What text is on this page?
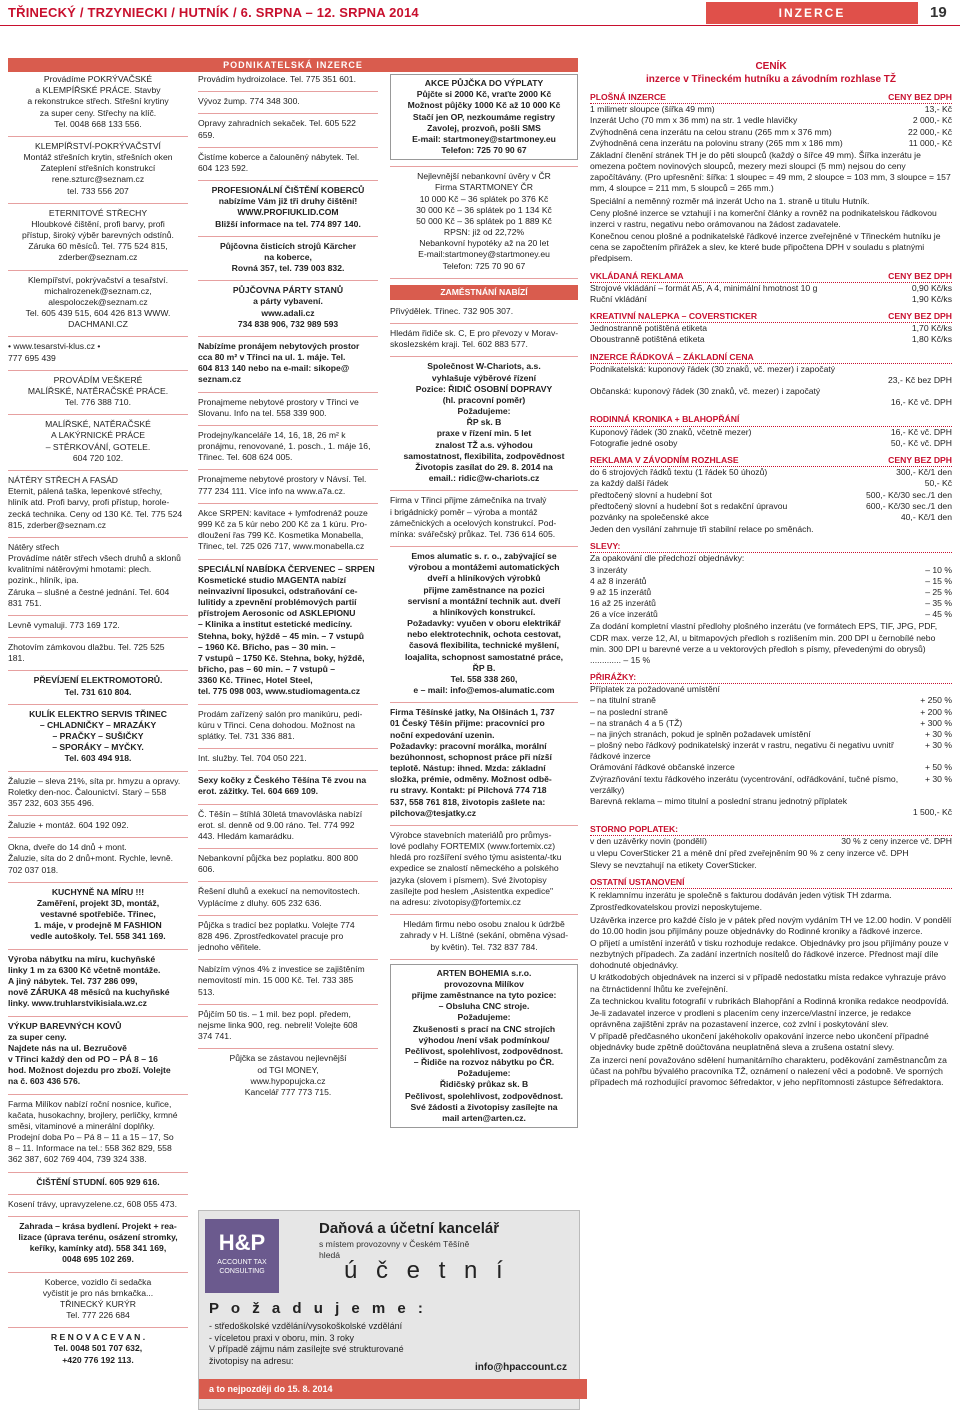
TŘINECKÝ / TRZYNIECKI / HUTNÍK / 6. SRPNA – 12. SRPNA 2014	INZERCE	19
PODNIKATELSKÁ INZERCE
Provádíme POKRÝVAČSKÉ
a KLEMPÍŘSKÉ PRÁCE. Stavby
a rekonstrukce střech. Střešní krytiny
za super ceny. Střechy na klíč.
Tel. 0048 668 133 556.
KLEMPÍŘSTVÍ-POKRÝVAČSTVÍ
Montáž střešních krytin, střešních oken
Zateplení střešních konstrukcí
rene.szturc@seznam.cz
tel. 733 556 207
ETERNITOVÉ STŘECHY
Hloubkové čištění, profi barvy, profi
přístup, široký výběr barevných odstínů.
Záruka 60 měsíců. Tel. 775 524 815,
zderber@seznam.cz
Klempířství, pokrývačství a tesařství.
michalrozenek@seznam.cz,
alespoloczek@seznam.cz
Tel. 605 439 515, 604 426 813 WWW.
DACHMANI.CZ
• www.tesarstvi-klus.cz •
777 695 439
PROVÁDÍM VEŠKERÉ
MALÍŘSKÉ, NATĚRAČSKÉ PRÁCE.
Tel. 776 388 710.
MALÍŘSKÉ, NATĚRAČSKÉ
A LAKÝRNICKÉ PRÁCE
– STĚRKOVÁNÍ, GOTELE.
604 720 102.
NÁTĚRY STŘECH A FASÁD
Eternit, pálená taška, lepenkové střechy,
hliník atd. Profi barvy, profi přístup, horole-
zecká technika. Ceny od 130 Kč. Tel. 775 524
815, zderber@seznam.cz
Nátěry střech
Provádíme nátěr střech všech druhů a sklonů
kvalitními nátěrovými hmotami: plech.
pozink., hliník, ipa.
Záruka – slušné a čestné jednání. Tel. 604
831 751.
Levně vymaluji. 773 169 172.
Zhotovím zámkovou dlažbu. Tel. 725 525
181.
PŘEVÍJENÍ ELEKTROMOTORŮ.
Tel. 731 610 804.
KULÍK ELEKTRO SERVIS TŘINEC
– CHLADNIČKY – MRAZÁKY
– PRAČKY – SUŠIČKY
– SPORÁKY – MYČKY.
Tel. 603 494 918.
Žaluzie – sleva 21%, síta pr. hmyzu a opravy.
Roletky den-noc. Čalounictví. Starý – 558
357 232, 603 355 496.
Žaluzie + montáž. 604 192 092.
Okna, dveře do 14 dnů + mont.
Žaluzie, sítа do 2 dnů+mont. Rychle, levně.
702 037 018.
KUCHYNĚ NA MÍRU !!!
Zaměření, projekt 3D, montáž,
vestavné spotřebiče. Třinec,
1. máje, v prodejně M FASHION
vedle autoškoly. Tel. 558 341 169.
Výroba nábytku na míru, kuchyňské
linky 1 m za 6300 Kč včetně montáže.
A jiný nábytek. Tel. 737 286 099,
nově ZÁRUKA 48 měsíců na kuchyňské
linky. www.truhlarstvikisiala.wz.cz
VÝKUP BAREVNÝCH KOVŮ
za super ceny.
Najdete nás na ul. Bezručově
v Třinci každý den od PO – PÁ 8 – 16
hod. Možnost dojezdu pro zboží. Volejte
na č. 603 436 576.
Farma Milíkov nabízí roční nosnice, kuřice,
kačata, husokachny, brojlery, perličky, krmné
směsi, vitaminové a minerální doplňky.
Prodejní doba Po – Pá 8 – 11 a 15 – 17, So
8 – 11. Informace na tel.: 558 362 829, 558
362 387, 602 769 404, 739 324 338.
ČIŠTĚNÍ STUDNÍ. 605 929 616.
Kosení trávy, upravyzelene.cz, 608 055 473.
Zahrada – krása bydlení. Projekt + rea-
lizace (úprava terénu, osázení stromky,
keříky, kamínky atd). 558 341 169,
0048 695 102 269.
Kobercе, vozidlo či sedačka
vyčistit je pro nás brnkačka...
TŘINECKÝ KURÝR
Tel. 777 226 684
R E N O V A C E V A N .
Tel. 0048 501 707 632,
+420 776 192 113.
Provádím hydroizolace. Tel. 775 351 601.
Vývoz žump. 774 348 300.
Opravy zahradních sekaček. Tel. 605 522
659.
Čistíme koberce a čalouněný nábytek. Tel.
604 123 592.
PROFESIONÁLNÍ ČIŠTĚNÍ KOBERCŮ
nabízíme Vám již tři druhy čištění!
WWW.PROFIUKLID.COM
Bližší informace na tel. 774 897 140.
Půjčovna čisticích strojů Kärcher
na koberce,
Rovná 357, tel. 739 003 832.
PŮJČOVNA PÁRTY STANŮ
a párty vybavení.
www.adali.cz
734 838 906, 732 989 593
Nabízíme pronájem nebytových prostor
cca 80 m² v Třinci na ul. 1. máje. Tel.
604 813 140 nebo na e-mail: sikope@
seznam.cz
Pronajmeme nebytové prostory v Třinci ve
Slovanu. Info na tel. 558 339 900.
Prodejny/kanceláře 14, 16, 18, 26 m² k
pronájmu, renovované, 1. posch., 1. máje 16,
Třinec. Tel. 608 624 005.
Pronajmeme nebytové prostory v Návsí. Tel.
777 234 111. Více info na www.a7a.cz.
Akce SRPEN: kavitace + lymfodrenáž pouze
999 Kč za 5 kúr nebo 200 Kč za 1 kúru. Pro-
dloužení řas 799 Kč. Kosmetika Monabella,
Třinec, tel. 725 026 717, www.monabella.cz
SPECIÁLNÍ NABÍDKA ČERVENEC – SRPEN
Kosmetické studio MAGENTA nabízí
neinvazivní liposukci, odstraňování ce-
lulitidy a zpevnění problémových partií
přístrojem Aerosonic od ASKLEPIONU
– Klinika a institut estetické medicíny.
Stehna, boky, hýždě – 45 min. – 7 vstupů
– 1960 Kč. Břicho, pas – 30 min. –
7 vstupů – 1750 Kč. Stehna, boky, hýždě,
břicho, pas – 60 min. – 7 vstupů –
3360 Kč. Třinec, Hotel Steel,
tel. 775 098 003, www.studiomagenta.cz
Prodám zařízený salón pro manikúru, pedi-
kúru v Třinci. Cena dohodou. Možnost na
splátky. Tel. 731 336 881.
Int. služby. Tel. 704 050 221.
Sexy kočky z Českého Těšína Tě zvou na
erot. záž​itky. Tel. 604 669 109.
Č. Těšín – štíhlá 30letá tmavovláska nabízí
erot. sl. denně od 9.00 ráno. Tel. 774 992
443. Hledám kamarádku.
Nebankovní půjčka bez poplatku. 800 800
606.
Řešení dluhů a exekucí na nemovitostech.
Vyplácíme z dluhy. 605 232 636.
Půjčka s tradicí bez poplatku. Volejte 774
828 496. Zprostředkovatel pracuje pro
jednoho věřitele.
Nabízím výnos 4% z investice se zajištěním
nemovitostí min. 15 000 Kč. Tel. 733 385
513.
Půjčím 50 tis. – 1 mil. bez popl. předem,
nejsme linka 900, reg. nebreli! Volejte 608
374 741.
Půjčka se zástavou nejlevnější
od TGI MONEY,
www.hypopujcka.cz
Kancelář 777 773 715.
AKCE PŮJČKA DO VÝPLATY
Půjčte si 2000 Kč, vraťte 2000 Kč
Možnost půjčky 1000 Kč až 10 000 Kč
Stačí jen OP, nezkoumáme registry
Zavolej, prozvoň, pošli SMS
E-mail: startmoney@startmoney.eu
Telefon: 725 70 90 67
Nejlevnější nebankovní úvěry v ČR
Firma STARTMONEY ČR
10 000 Kč – 36 splátek po 376 Kč
30 000 Kč – 36 splátek po 1 134 Kč
50 000 Kč – 36 splátek po 1 889 Kč
RPSN: již od 22,72%
Nebankovní hypotéky až na 20 let
E-mail:startmoney@startmoney.eu
Telefon: 725 70 90 67
ZAMĚSTNÁNÍ NABÍZÍ
Přivýdělek. Třinec. 732 905 307.
Hledám řidiče sk. C, E pro převozy v Morav-
skoslezském kraji. Tel. 602 883 577.
Společnost W-Chariots, a.s.
vyhlašuje výběrové řízení
Pozice: ŘIDIČ OSOBNÍ DOPRAVY
(hl. pracovní poměr)
Požadujeme:
ŘP sk. B
praxe v řízení min. 5 let
znalost TŽ a.s. výhodou
samostatnost, flexibilita, zodpovědnost
Životopis zasílat do 29. 8. 2014 na
email.: ridic@w-chariots.cz
Firma v Třinci přijme zámečníka na trvalý
i brigádnický poměr – výroba a montáž
zámečnických a ocelových konstrukcí. Pod-
mínka: svářečský průkaz. Tel. 736 614 605.
Emos alumatic s. r. o., zabývající se
výrobou a montážemi automatických
dveří a hliníkových výrobků
přijme zaměstnance na pozici
servisní a montážní technik aut. dveří
a hliníkových konstrukcí.
Požadavky: vyučen v oboru elektrikář
nebo elektrotechnik, ochota cestovat,
časová flexibilita, technické myšlení,
loajalita, schopnost samostatné práce,
ŘP B.
Tel. 558 338 260,
e – mail: info@emos-alumatic.com
Firma Těšínské jatky, Na Olšinách 1, 737
01 Český Těšín přijme: pracovníci pro
noční expedování uzenin.
Požadavky: pracovní morálka, morální
bezúhonnost, schopnost práce při nízší
teplotě. Nástup: ihned. Mzda: základní
složka, prémie, odměny. Možnost odbě-
ru stravy. Kontakt: pí Pilchová 774 718
537, 558 761 818, životopis zašlete na:
pilchova@tesjatky.cz
Výrobce stavebních materiálů pro průmys-
lové podlahy FORTEMIX (www.fortemix.cz)
hledá pro rozšíření svého týmu asistenta/-tku
expedice se znalostí německého a polského
jazyka (slovem i písmem). Své životopisy
zasílejte pod heslem „Asistentka expedice"
na adresu: zivotopisy@fortemix.cz
Hledám firmu nebo osobu znalou k údržbě
zahrady v H. Líštné (sekání, obměna výsad-
by květin). Tel. 732 837 784.
ARTEN BOHEMIA s.r.o.
provozovna Milíkov
přijme zaměstnance na tyto pozice:
– Obsluha CNC strojе.
Požadujeme:
Zkušenosti s prací na CNC strojích
výhodou /není však podmínkou/
Pečlivost, spolehlivost, zodpovědnost.
– Řidiče na rozvoz nábytku po ČR.
Požadujeme:
Řidičský průkaz sk. B
Pečlivost, spolehlivost, zodpovědnost.
Své žádosti a životopisy zasílejte na
mail arten@arten.cz.
CENÍK
inzerce v Třineckém hutníku a závodním rozhlase TŽ
PLOŠNÁ INZERCE	CENY BEZ DPH
1 milimetr sloupce (šířka 49 mm)	13,- Kč
Inzerát Ucho (70 mm x 36 mm) na str. 1 vedle hlavičky	2 000,- Kč
Zvýhodněná cena inzerátu na celou stranu (265 mm x 376 mm)	22 000,- Kč
Zvýhodněná cena inzerátu na polovinu strany (265 mm x 186 mm)	11 000,- Kč
Základní členění stránek TH je do pěti sloupců (každý o šířce 49 mm). Šířka inzerátu je omezena počtem novinových sloupců, mezery mezi sloupci (5 mm) nejsou do ceny započítávány. (Pro upřesnění: šířka: 1 sloupec = 49 mm, 2 sloupce = 103 mm, 3 sloupce = 157 mm, 4 sloupce = 211 mm, 5 sloupců = 265 mm.)
Speciální a neměnný rozměr má inzerát Ucho na 1. straně u titulu Hutník.
Ceny plošné inzerce se vztahují i na komerční články a rovněž na podnikatelskou řádkovou inzerci v rastru, negativu nebo orámovanou na žádost zadavatele.
Konečnou cenou plošné a podnikatelské řádkové inzerce zveřejněné v Třineckém hutníku je cena se započtením přirážek a slev, ke které bude připočtena DPH v souladu s platnými předpisem.
VKLÁDANÁ REKLAMA	CENY BEZ DPH
Strojové vkládání – formát A5, A 4, minimální hmotnost 10 g	0,90 Kč/ks
Ruční vkládání	1,90 Kč/ks
KREATIVNÍ NALEPKA – COVERSTICKER	CENY BEZ DPH
Jednostranně potištěná etiketa	1,70 Kč/ks
Oboustranně potištěná etiketa	1,80 Kč/ks
INZERCE ŘÁDKOVÁ – ZÁKLADNÍ CENA
Podnikatelská: kuponový řádek (30 znaků, vč. mezer) i započatý
23,- Kč bez DPH
Občanská: kuponový řádek (30 znaků, vč. mezer) i započatý
16,- Kč vč. DPH
RODINNÁ KRONIKA + BLAHOPŘÁNÍ
Kuponový řádek (30 znaků, včetně mezer)	16,- Kč vč. DPH
Fotografie jedné osoby	50,- Kč vč. DPH
REKLAMA V ZÁVODNÍM ROZHLASE	CENY BEZ DPH
do 6 strojových řádků textu (1 řádek 50 úhozů)	300,- Kč/1 den
za každý další řádek	50,- Kč
předtočený slovní a hudební šot	500,- Kč/30 sec./1 den
předtočený slovní a hudební šot s redakční úpravou	600,- Kč/30 sec./1 den
pozvánky na společenské akce	40,- Kč/1 den
Jeden den vysílání zahrnuje tři stabilní relace po směnách.
SLEVY:
Za opakování dle předchozí objednávky:
3 inzeráty	– 10 %
4 až 8 inzerátů	– 15 %
9 až 15 inzerátů	– 25 %
16 až 25 inzerátů	– 35 %
26 a více inzerátů	– 45 %
Za dodání kompletní vlastní předlohy plošného inzerátu (ve formátech EPS, TIF, JPG, PDF, CDR max. verze 12, AI, u bitmapových předloh s rozlišením min. 200 DPI u černobílé nebo min. 300 DPI u barevné verze a u vektorových předloh s písmy, převedenými do obrysů) ............. – 15 %
PŘIRÁŽKY:
Příplatek za požadované umístění
– na titulní straně	+ 250 %
– na poslední straně	+ 200 %
– na stranách 4 a 5 (TŽ)	+ 300 %
– na jiných stranách, pokud je splněn požadavek umístění	+ 30 %
– plošný nebo řádkový podnikatelský inzerát v rastru, negativu či negativu uvnitř řádkové inzerce
+ 30 %
Orámování řádkové občanské inzerce	+ 50 %
Zvýrazňování textu řádkového inzerátu (vycentrování, odřádkování, tučné písmo, verzálky)
+ 30 %
Barevná reklama – mimo titulní a poslední stranu jednotný příplatek
1 500,- Kč
STORNO POPLATEK:
v den uzávěrky novin (pondělí)	30 % z ceny inzerce vč. DPH
u vlepu CoverSticker 21 a méně dní před zveřejněním 90 % z ceny inzerce vč. DPH
Slevy se nevztahují na etikety CoverSticker.
OSTATNÍ USTANOVENÍ
K reklamnímu inzerátu je společně s fakturou dodáván jeden výtisk TH zdarma.
Zprostředkovatelskou provizi neposkytujeme.
Uzávěrka inzerce pro každé číslo je v pátek před novým vydáním TH ve 12.00 hodin. V pondělí do 10.00 hodin jsou přijímány pouze objednávky do Rodinné kroniky a řádkové inzerce.
O přijetí a umístění inzerátů v tisku rozhoduje redakce. Objednávky pro jsou přijímány pouze v nezbytných případech. Za zadání inzertních nosítelů do řádkové inzerce. Přednost mají díle dohodnuté objednávky.
U krátkodobých objednávek na inzerci si v případě nedostatku místa redakce vyhrazuje právo na čtrnáctidenní lhůtu ke zveřejnění.
Za technickou kvalitu fotografií v rubrikách Blahopřání a Rodinná kronika redakce neodpovídá.
Je-li zadavatel inzerce v prodleni s placením ceny inzerce/vlastní inzerce, je redakce oprávněna zajištěni zpráv na pozastavení inzerce, coż zvlní i poskytování slev.
V případě předčasného ukončení jakéhokoliv opakování inzerce nebo ukončení případné objednávky bude zpětně doúčtována neuplatněná sleva a zrušena ostatní slevy.
Za inzerci není považováno sdělení humanitárního charakteru, poděkování zaměstnancům za účast na pohřbu bývalého pracovníka TŽ, oznámení o nalezení věci a podobně. Ve sporných případech má rozhodující pravomoc šéfredaktor, v jeho nepřítomnosti zástupce šéfredaktora.
H&P
ACCOUNT TAX CONSULTING
Daňová a účetní kancelář
s místem provozovny v Českém Těšíně
hledá
ú č e t n í
P o ž a d u j e m e :
- středoškolské vzdělání/vysokoškolské vzdělání
- víceletou praxi v oboru, min. 3 roky
V případě zájmu nám zasílejte své strukturované
životopisy na adresu:
info@hpaccount.cz
a to nejpozději do 15. 8. 2014
